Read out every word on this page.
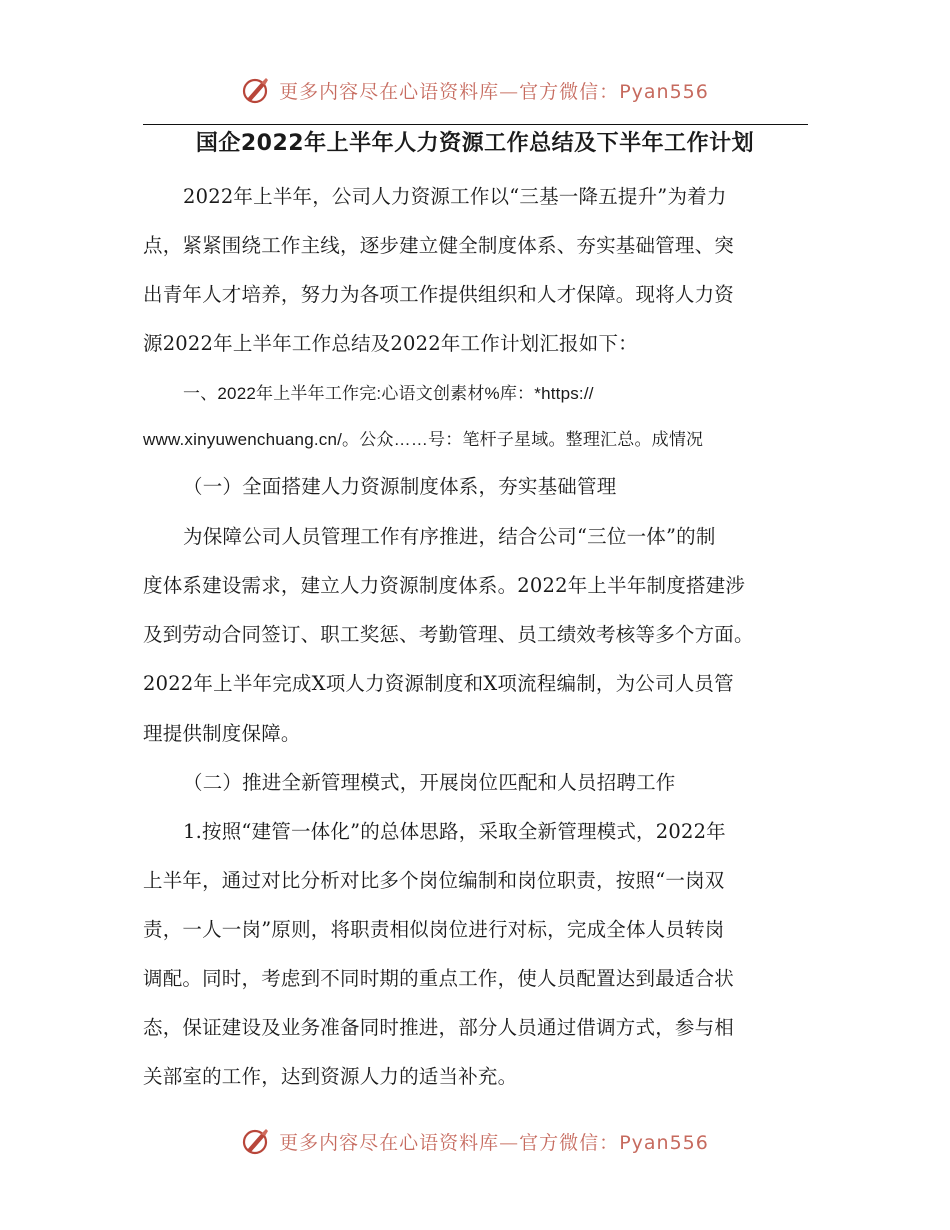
更多内容尽在心语资料库—官方微信：Pyan556
国企2022年上半年人力资源工作总结及下半年工作计划
2022年上半年，公司人力资源工作以“三基一降五提升”为着力
点，紧紧围绕工作主线，逐步建立健全制度体系、夯实基础管理、突
出青年人才培养，努力为各项工作提供组织和人才保障。现将人力资
源2022年上半年工作总结及2022年工作计划汇报如下：
一、2022年上半年工作完:心语文创素材%库：*https://
www.xinyuwenchuang.cn/。公众……号：笔杆子星域。整理汇总。成情况
（一）全面搭建人力资源制度体系，夯实基础管理
为保障公司人员管理工作有序推进，结合公司“三位一体”的制
度体系建设需求，建立人力资源制度体系。2022年上半年制度搭建涉
及到劳动合同签订、职工奖惩、考勤管理、员工绩效考核等多个方面。
2022年上半年完成X项人力资源制度和X项流程编制，为公司人员管
理提供制度保障。
（二）推进全新管理模式，开展岗位匹配和人员招聘工作
1.按照“建管一体化”的总体思路，采取全新管理模式，2022年
上半年，通过对比分析对比多个岗位编制和岗位职责，按照“一岗双
责，一人一岗”原则，将职责相似岗位进行对标，完成全体人员转岗
调配。同时，考虑到不同时期的重点工作，使人员配置达到最适合状
态，保证建设及业务准备同时推进，部分人员通过借调方式，参与相
关部室的工作，达到资源人力的适当补充。
更多内容尽在心语资料库—官方微信：Pyan556
